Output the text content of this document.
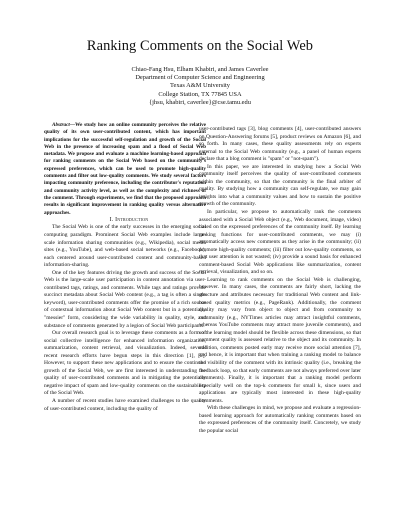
Ranking Comments on the Social Web
Chiao-Fang Hsu, Elham Khabiri, and James Caverlee
Department of Computer Science and Engineering
Texas A&M University
College Station, TX 77845 USA
{jhsu, khabiri, caverlee}@cse.tamu.edu

Abstract—We study how an online community perceives the relative quality of its own user-contributed content, which has important implications for the successful self-regulation and growth of the Social Web in the presence of increasing spam and a flood of Social Web metadata. We propose and evaluate a machine learning-based approach for ranking comments on the Social Web based on the community's expressed preferences, which can be used to promote high-quality comments and filter out low-quality comments. We study several factors impacting community preference, including the contributor's reputation and community activity level, as well as the complexity and richness of the comment. Through experiments, we find that the proposed approach results in significant improvement in ranking quality versus alternative approaches.

I. Introduction

The Social Web is one of the early successes in the emerging social computing paradigm. Prominent Social Web examples include large-scale information sharing communities (e.g., Wikipedia), social media sites (e.g., YouTube), and web-based social networks (e.g., Facebook), each centered around user-contributed content and community-based information-sharing.

One of the key features driving the growth and success of the Social Web is the large-scale user participation in content annotation via user-contributed tags, ratings, and comments. While tags and ratings provide succinct metadata about Social Web content (e.g., a tag is often a single keyword), user-contributed comments offer the promise of a rich source of contextual information about Social Web content but in a potentially "messier" form, considering the wide variability in quality, style, and substance of comments generated by a legion of Social Web participants.

Our overall research goal is to leverage these comments as a form of social collective intelligence for enhanced information organization, summarization, content retrieval, and visualization. Indeed, several recent research efforts have begun steps in this direction [1], [2]. However, to support these new applications and to ensure the continued growth of the Social Web, we are first interested in understanding the quality of user-contributed comments and in mitigating the potentially negative impact of spam and low-quality comments on the sustainability of the Social Web.

A number of recent studies have examined challenges to the quality of user-contributed content, including the quality of

user-contributed tags [3], blog comments [4], user-contributed answers on Question-Answering forums [5], product reviews on Amazon [6], and so forth. In many cases, these quality assessments rely on experts external to the Social Web community (e.g., a panel of human experts declare that a blog comment is "spam" or "not-spam").

In this paper, we are interested in studying how a Social Web community itself perceives the quality of user-contributed comments within the community, so that the community is the final arbiter of quality. By studying how a community can self-regulate, we may gain insights into what a community values and how to sustain the positive growth of the community.

In particular, we propose to automatically rank the comments associated with a Social Web object (e.g., Web document, image, video) based on the expressed preferences of the community itself. By learning ranking functions for user-contributed comments, we may (i) automatically access new comments as they arise in the community; (ii) promote high-quality comments; (iii) filter out low-quality comments, so that user attention is not wasted; (iv) provide a sound basis for enhanced comment-based Social Web applications like summarization, content retrieval, visualization, and so on.

Learning to rank comments on the Social Web is challenging, however. In many cases, the comments are fairly short, lacking the structure and attributes necessary for traditional Web content and link-based quality metrics (e.g., PageRank). Additionally, the comment quality may vary from object to object and from community to community (e.g., NYTimes articles may attract insightful comments, whereas YouTube comments may attract more juvenile comments), and so the learning model should be flexible across these dimensions, so that comment quality is assessed relative to the object and its community. In addition, comments posted early may receive more social attention [7], and hence, it is important that when training a ranking model to balance the visibility of the comment with its intrinsic quality (i.e., breaking the feedback loop, so that early comments are not always preferred over later comments). Finally, it is important that a ranking model perform especially well on the top-k comments for small k, since users and applications are typically most interested in these high-quality comments.

With these challenges in mind, we propose and evaluate a regression-based learning approach for automatically ranking comments based on the expressed preferences of the community itself. Concretely, we study the popular social
